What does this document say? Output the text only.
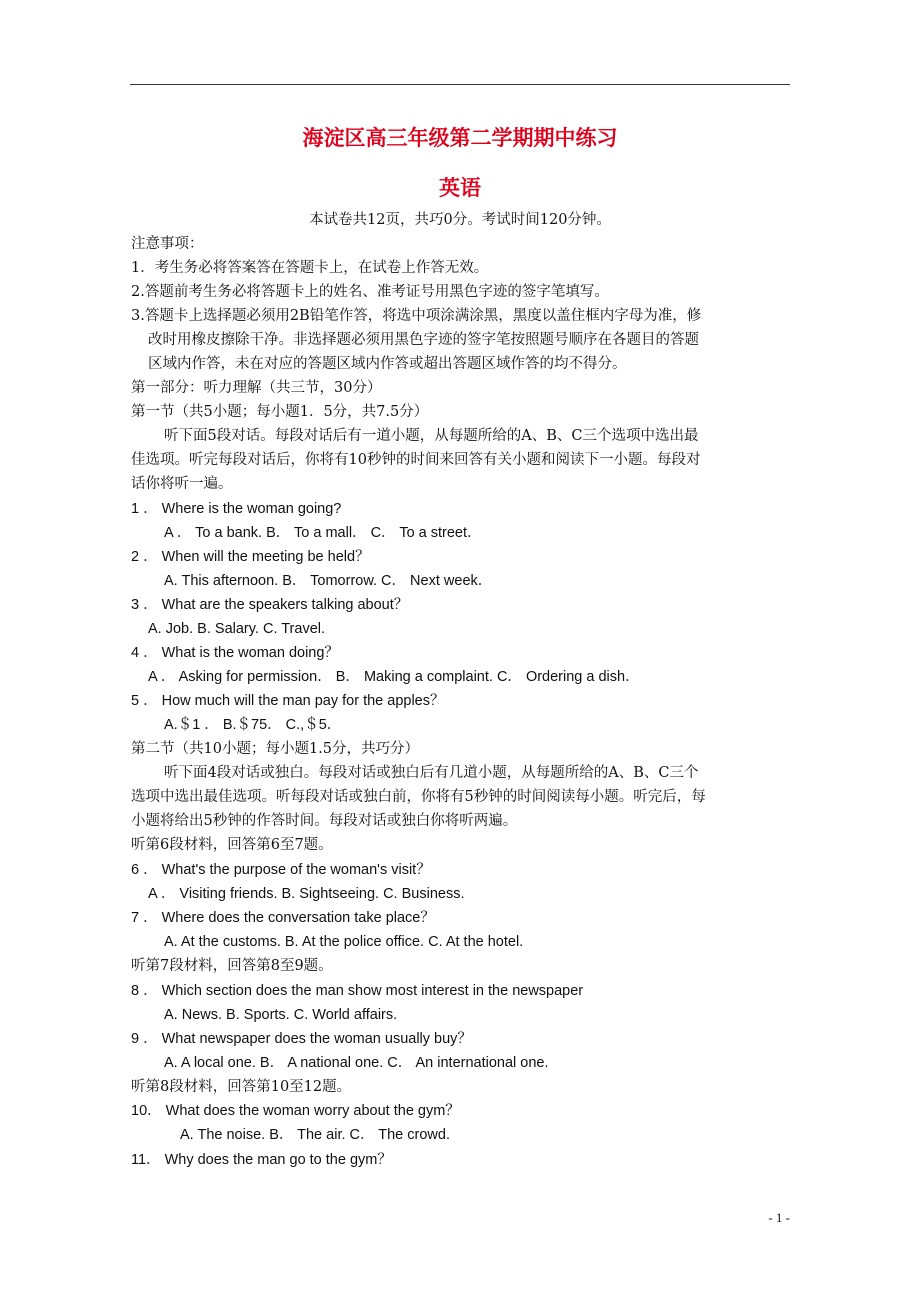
海淀区高三年级第二学期期中练习
英语
本试卷共12页，共巧0分。考试时间120分钟。
注意事项：
1．考生务必将答案答在答题卡上，在试卷上作答无效。
2.答题前考生务必将答题卡上的姓名、准考证号用黑色字迹的签字笔填写。
3.答题卡上选择题必须用2B铅笔作答，将选中项涂满涂黑，黑度以盖住框内字母为准，修
改时用橡皮擦除干净。非选择题必须用黑色字迹的签字笔按照题号顺序在各题目的答题
区域内作答，未在对应的答题区域内作答或超出答题区域作答的均不得分。
第一部分：听力理解（共三节，30分）
第一节（共5小题；每小题1．5分，共7.5分）
听下面5段对话。每段对话后有一道小题，从每题所给的A、B、C三个选项中选出最
佳选项。听完每段对话后，你将有10秒钟的时间来回答有关小题和阅读下一小题。每段对
话你将听一遍。
1 ． Where is the woman going?
A ． To a bank. B． To a mall． C． To a street．
2 ． When will the meeting be held？
A. This afternoon. B． Tomorrow. C． Next week．
3 ． What are the speakers talking about？
A. Job. B. Salary. C. Travel.
4 ． What is the woman doing？
A ． Asking for permission． B． Making a complaint. C． Ordering a dish．
5 ． How much will the man pay for the apples？
A.＄1 ． B.＄75． C.,＄5．
第二节（共10小题；每小题1.5分，共巧分）
听下面4段对话或独白。每段对话或独白后有几道小题，从每题所给的A、B、C三个
选项中选出最佳选项。听每段对话或独白前，你将有5秒钟的时间阅读每小题。听完后，每
小题将给出5秒钟的作答时间。每段对话或独白你将听两遍。
听第6段材料，回答第6至7题。
6 ． What's the purpose of the woman's visit？
A ． Visiting friends. B. Sightseeing. C. Business.
7 ． Where does the conversation take place？
A. At the customs. B. At the police office. C. At the hotel.
听第7段材料，回答第8至9题。
8 ． Which section does the man show most interest in the newspaper
A. News. B. Sports. C. World affairs.
9 ． What newspaper does the woman usually buy？
A. A local one. B． A national one. C． An international one.
听第8段材料，回答第10至12题。
10． What does the woman worry about the gym？
A. The noise. B． The air. C． The crowd.
11． Why does the man go to the gym？
- 1 -
